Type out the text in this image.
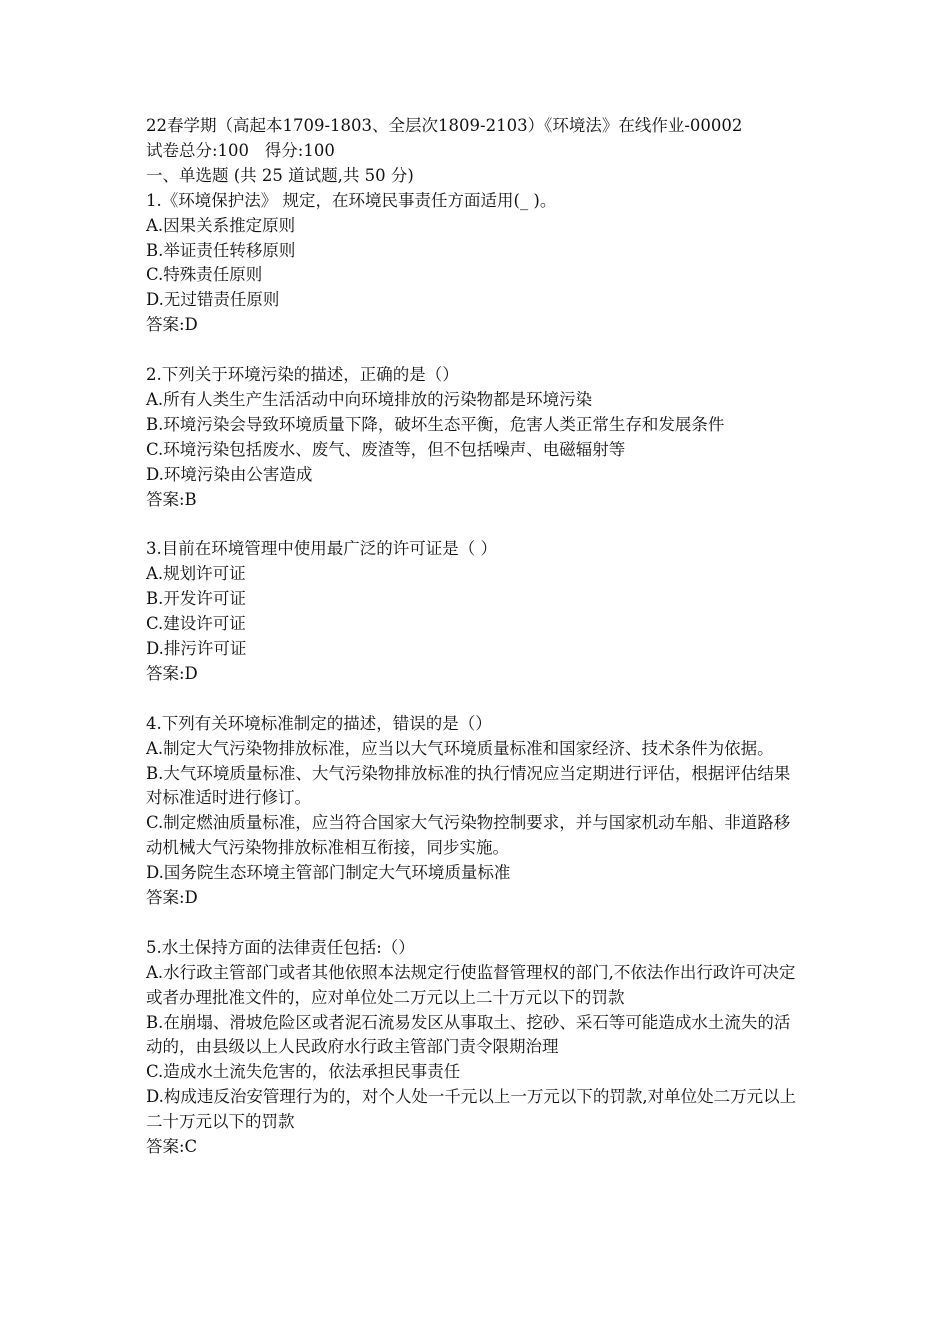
22春学期（高起本1709-1803、全层次1809-2103）《环境法》在线作业-00002
试卷总分:100   得分:100
一、单选题 (共 25 道试题,共 50 分)
1.《环境保护法》 规定，在环境民事责任方面适用(_ )。
A.因果关系推定原则
B.举证责任转移原则
C.特殊责任原则
D.无过错责任原则
答案:D
2.下列关于环境污染的描述，正确的是（）
A.所有人类生产生活活动中向环境排放的污染物都是环境污染
B.环境污染会导致环境质量下降，破坏生态平衡，危害人类正常生存和发展条件
C.环境污染包括废水、废气、废渣等，但不包括噪声、电磁辐射等
D.环境污染由公害造成
答案:B
3.目前在环境管理中使用最广泛的许可证是（ ）
A.规划许可证
B.开发许可证
C.建设许可证
D.排污许可证
答案:D
4.下列有关环境标准制定的描述，错误的是（）
A.制定大气污染物排放标准，应当以大气环境质量标准和国家经济、技术条件为依据。
B.大气环境质量标准、大气污染物排放标准的执行情况应当定期进行评估，根据评估结果对标准适时进行修订。
C.制定燃油质量标准，应当符合国家大气污染物控制要求，并与国家机动车船、非道路移动机械大气污染物排放标准相互衔接，同步实施。
D.国务院生态环境主管部门制定大气环境质量标准
答案:D
5.水土保持方面的法律责任包括:（）
A.水行政主管部门或者其他依照本法规定行使监督管理权的部门,不依法作出行政许可决定或者办理批准文件的，应对单位处二万元以上二十万元以下的罚款
B.在崩塌、滑坡危险区或者泥石流易发区从事取土、挖砂、采石等可能造成水土流失的活动的，由县级以上人民政府水行政主管部门责令限期治理
C.造成水土流失危害的，依法承担民事责任
D.构成违反治安管理行为的，对个人处一千元以上一万元以下的罚款,对单位处二万元以上二十万元以下的罚款
答案:C
